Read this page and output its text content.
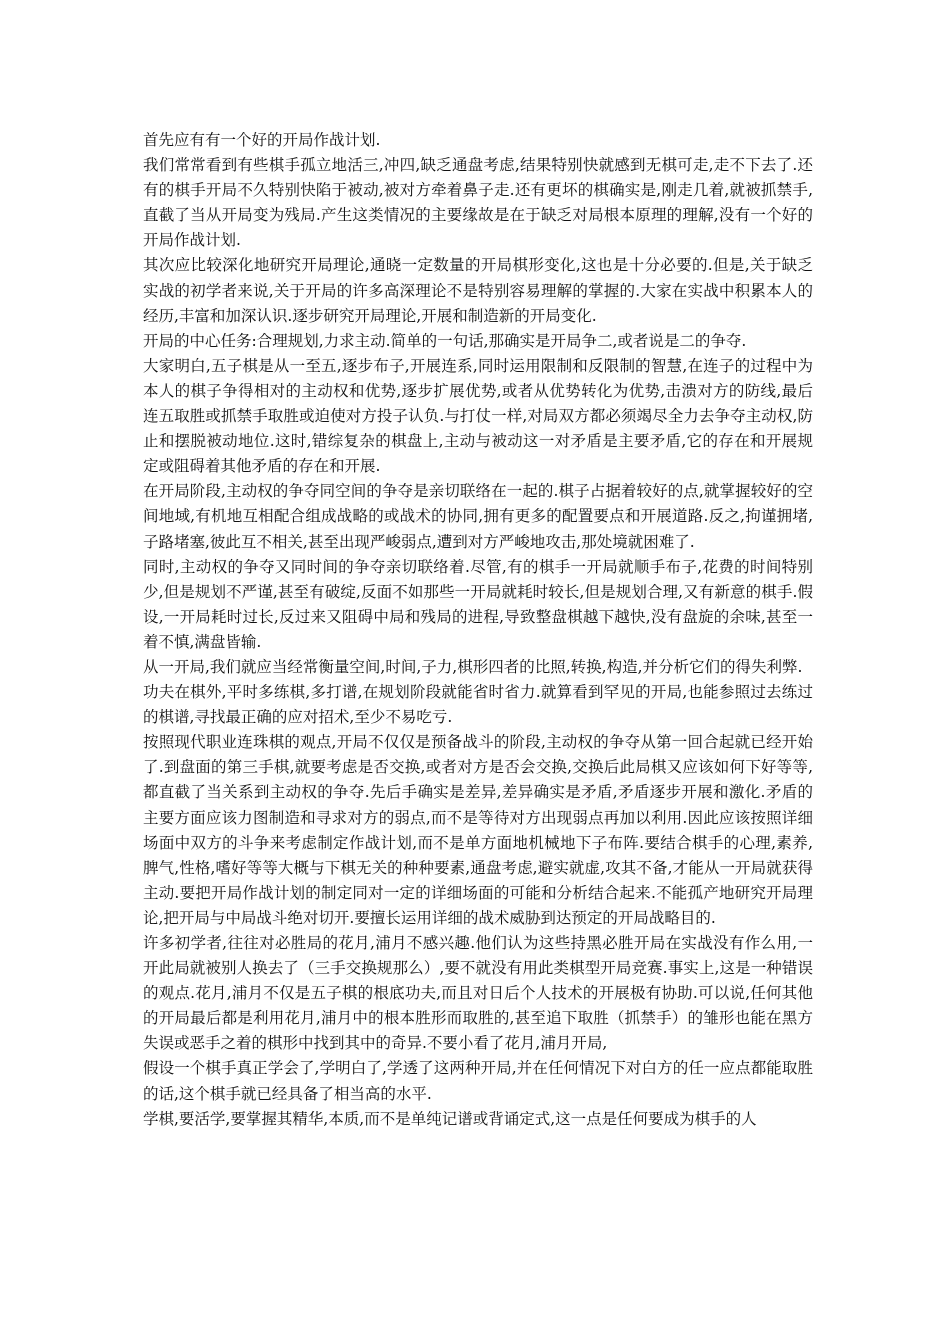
首先应有有一个好的开局作战计划.

我们常常看到有些棋手孤立地活三,冲四,缺乏通盘考虑,结果特别快就感到无棋可走,走不下去了.还有的棋手开局不久特别快陷于被动,被对方牵着鼻子走.还有更坏的棋确实是,刚走几着,就被抓禁手,直截了当从开局变为残局.产生这类情况的主要缘故是在于缺乏对局根本原理的理解,没有一个好的开局作战计划.

其次应比较深化地研究开局理论,通晓一定数量的开局棋形变化,这也是十分必要的.但是,关于缺乏实战的初学者来说,关于开局的许多高深理论不是特别容易理解的掌握的.大家在实战中积累本人的经历,丰富和加深认识.逐步研究开局理论,开展和制造新的开局变化.

开局的中心任务:合理规划,力求主动.简单的一句话,那确实是开局争二,或者说是二的争夺.

大家明白,五子棋是从一至五,逐步布子,开展连系,同时运用限制和反限制的智慧,在连子的过程中为本人的棋子争得相对的主动权和优势,逐步扩展优势,或者从优势转化为优势,击溃对方的防线,最后连五取胜或抓禁手取胜或迫使对方投子认负.与打仗一样,对局双方都必须竭尽全力去争夺主动权,防止和摆脱被动地位.这时,错综复杂的棋盘上,主动与被动这一对矛盾是主要矛盾,它的存在和开展规定或阻碍着其他矛盾的存在和开展.

在开局阶段,主动权的争夺同空间的争夺是亲切联络在一起的.棋子占据着较好的点,就掌握较好的空间地域,有机地互相配合组成战略的或战术的协同,拥有更多的配置要点和开展道路.反之,拘谨拥堵,子路堵塞,彼此互不相关,甚至出现严峻弱点,遭到对方严峻地攻击,那处境就困难了.

同时,主动权的争夺又同时间的争夺亲切联络着.尽管,有的棋手一开局就顺手布子,花费的时间特别少,但是规划不严谨,甚至有破绽,反面不如那些一开局就耗时较长,但是规划合理,又有新意的棋手.假设,一开局耗时过长,反过来又阻碍中局和残局的进程,导致整盘棋越下越快,没有盘旋的余味,甚至一着不慎,满盘皆输.

从一开局,我们就应当经常衡量空间,时间,子力,棋形四者的比照,转换,构造,并分析它们的得失利弊.

功夫在棋外,平时多练棋,多打谱,在规划阶段就能省时省力.就算看到罕见的开局,也能参照过去练过的棋谱,寻找最正确的应对招术,至少不易吃亏.

按照现代职业连珠棋的观点,开局不仅仅是预备战斗的阶段,主动权的争夺从第一回合起就已经开始了.到盘面的第三手棋,就要考虑是否交换,或者对方是否会交换,交换后此局棋又应该如何下好等等,都直截了当关系到主动权的争夺.先后手确实是差异,差异确实是矛盾,矛盾逐步开展和激化.矛盾的主要方面应该力图制造和寻求对方的弱点,而不是等待对方出现弱点再加以利用.因此应该按照详细场面中双方的斗争来考虑制定作战计划,而不是单方面地机械地下子布阵.要结合棋手的心理,素养,脾气,性格,嗜好等等大概与下棋无关的种种要素,通盘考虑,避实就虚,攻其不备,才能从一开局就获得主动.要把开局作战计划的制定同对一定的详细场面的可能和分析结合起来.不能孤产地研究开局理论,把开局与中局战斗绝对切开.要擅长运用详细的战术威胁到达预定的开局战略目的.

许多初学者,往往对必胜局的花月,浦月不感兴趣.他们认为这些持黑必胜开局在实战没有作么用,一开此局就被别人换去了（三手交换规那么）,要不就没有用此类棋型开局竞赛.事实上,这是一种错误的观点.花月,浦月不仅是五子棋的根底功夫,而且对日后个人技术的开展极有协助.可以说,任何其他的开局最后都是利用花月,浦月中的根本胜形而取胜的,甚至追下取胜（抓禁手）的雏形也能在黑方失误或恶手之着的棋形中找到其中的奇异.不要小看了花月,浦月开局,

假设一个棋手真正学会了,学明白了,学透了这两种开局,并在任何情况下对白方的任一应点都能取胜的话,这个棋手就已经具备了相当高的水平.

学棋,要活学,要掌握其精华,本质,而不是单纯记谱或背诵定式,这一点是任何要成为棋手的人
